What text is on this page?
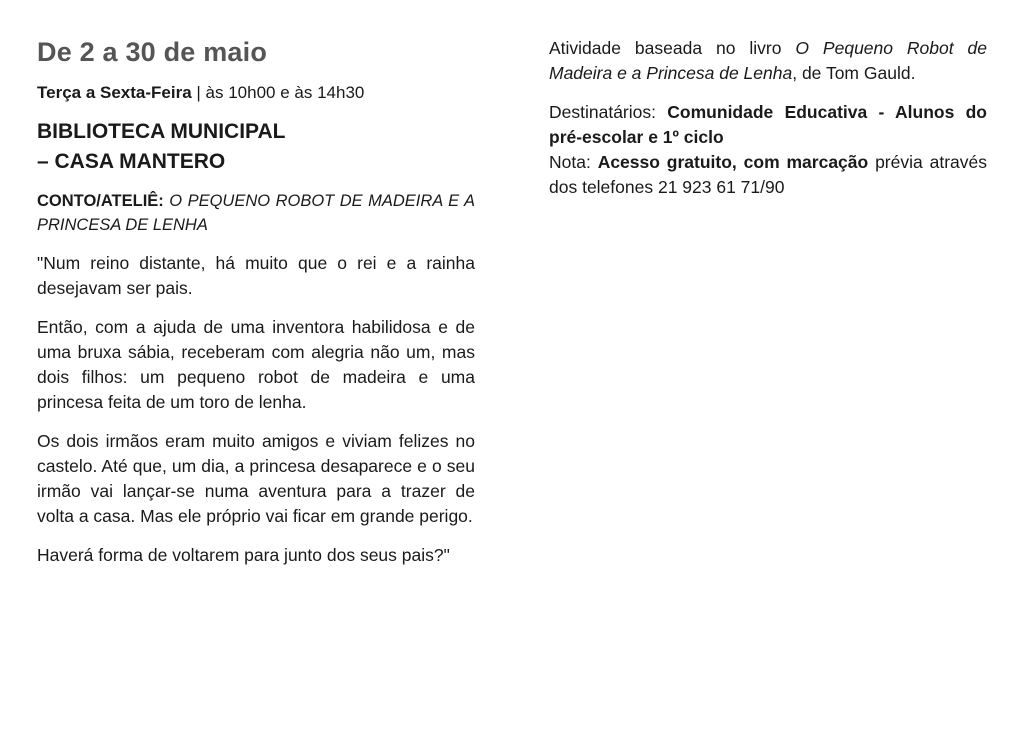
De 2 a 30 de maio
Terça a Sexta-Feira | às 10h00 e às 14h30
BIBLIOTECA MUNICIPAL
– CASA MANTERO
CONTO/ATELIÊ: O PEQUENO ROBOT DE MADEIRA E A PRINCESA DE LENHA
"Num reino distante, há muito que o rei e a rainha desejavam ser pais.
Então, com a ajuda de uma inventora habilidosa e de uma bruxa sábia, receberam com alegria não um, mas dois filhos: um pequeno robot de madeira e uma princesa feita de um toro de lenha.
Os dois irmãos eram muito amigos e viviam felizes no castelo. Até que, um dia, a princesa desaparece e o seu irmão vai lançar-se numa aventura para a trazer de volta a casa. Mas ele próprio vai ficar em grande perigo.
Haverá forma de voltarem para junto dos seus pais?"
Atividade baseada no livro O Pequeno Robot de Madeira e a Princesa de Lenha, de Tom Gauld.
Destinatários: Comunidade Educativa - Alunos do pré-escolar e 1º ciclo
Nota: Acesso gratuito, com marcação prévia através dos telefones 21 923 61 71/90
